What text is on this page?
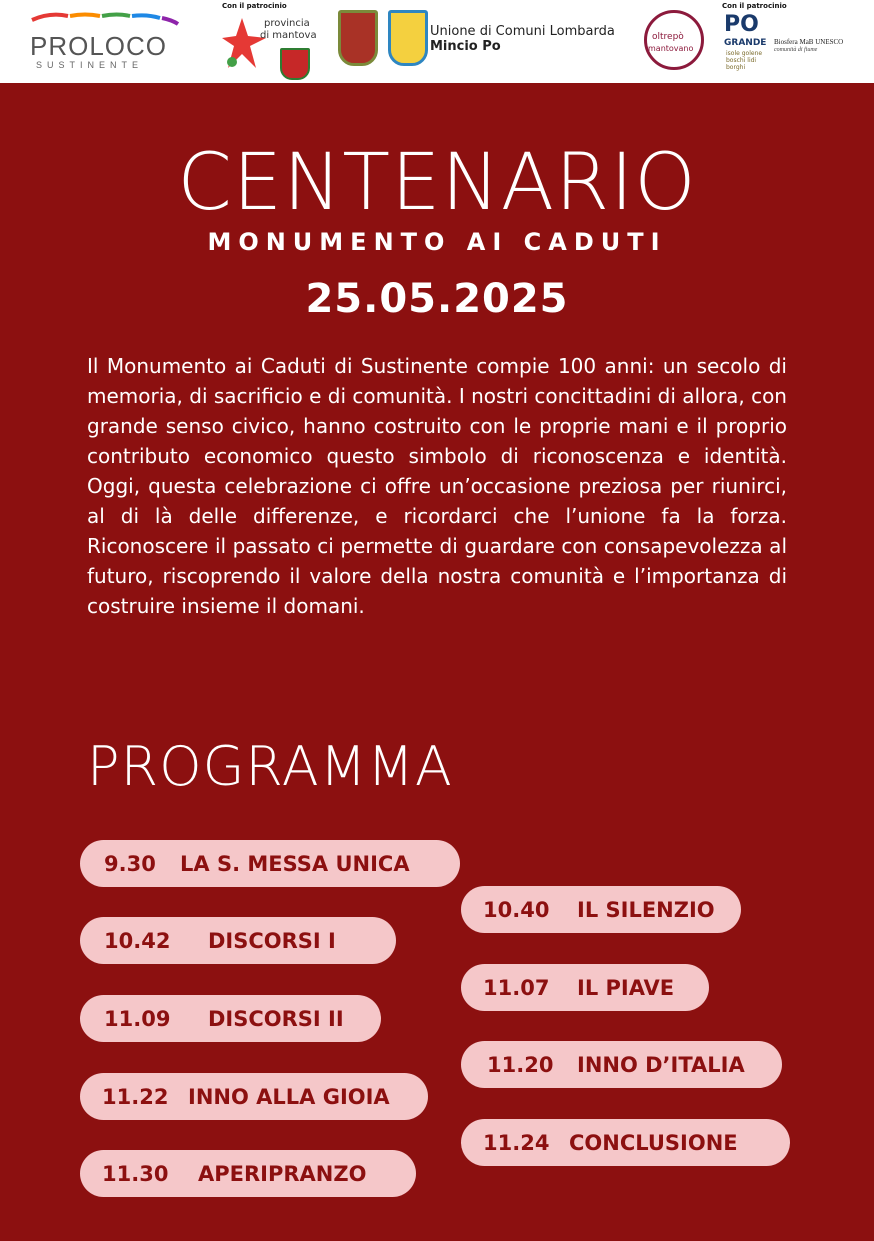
PROLOCO
SUSTINENTE
Con il patrocinio
provincia
di mantova	Unione di Comuni Lombarda
Mincio Po
oltrepò
mantovano
Con il patrocinio
PO
GRANDE
isole golene boschi lidi borghi
Biosfera MaB UNESCO
comunità di fiume
CENTENARIO
MONUMENTO AI CADUTI
25.05.2025
Il Monumento ai Caduti di Sustinente compie 100 anni: un secolo di memoria, di sacrificio e di comunità. I nostri concittadini di allora, con grande senso civico, hanno costruito con le proprie mani e il proprio contributo economico questo simbolo di riconoscenza e identità. Oggi, questa celebrazione ci offre un’occasione preziosa per riunirci, al di là delle differenze, e ricordarci che l’unione fa la forza. Riconoscere il passato ci permette di guardare con consapevolezza al futuro, riscoprendo il valore della nostra comunità e l’importanza di costruire insieme il domani.
PROGRAMMA
9.30	LA S. MESSA UNICA
10.42	DISCORSI I
11.09	DISCORSI II
11.22 INNO ALLA GIOIA
11.30	APERIPRANZO
10.40	IL SILENZIO
11.07	IL PIAVE
11.20	INNO D’ITALIA
11.24 CONCLUSIONE
